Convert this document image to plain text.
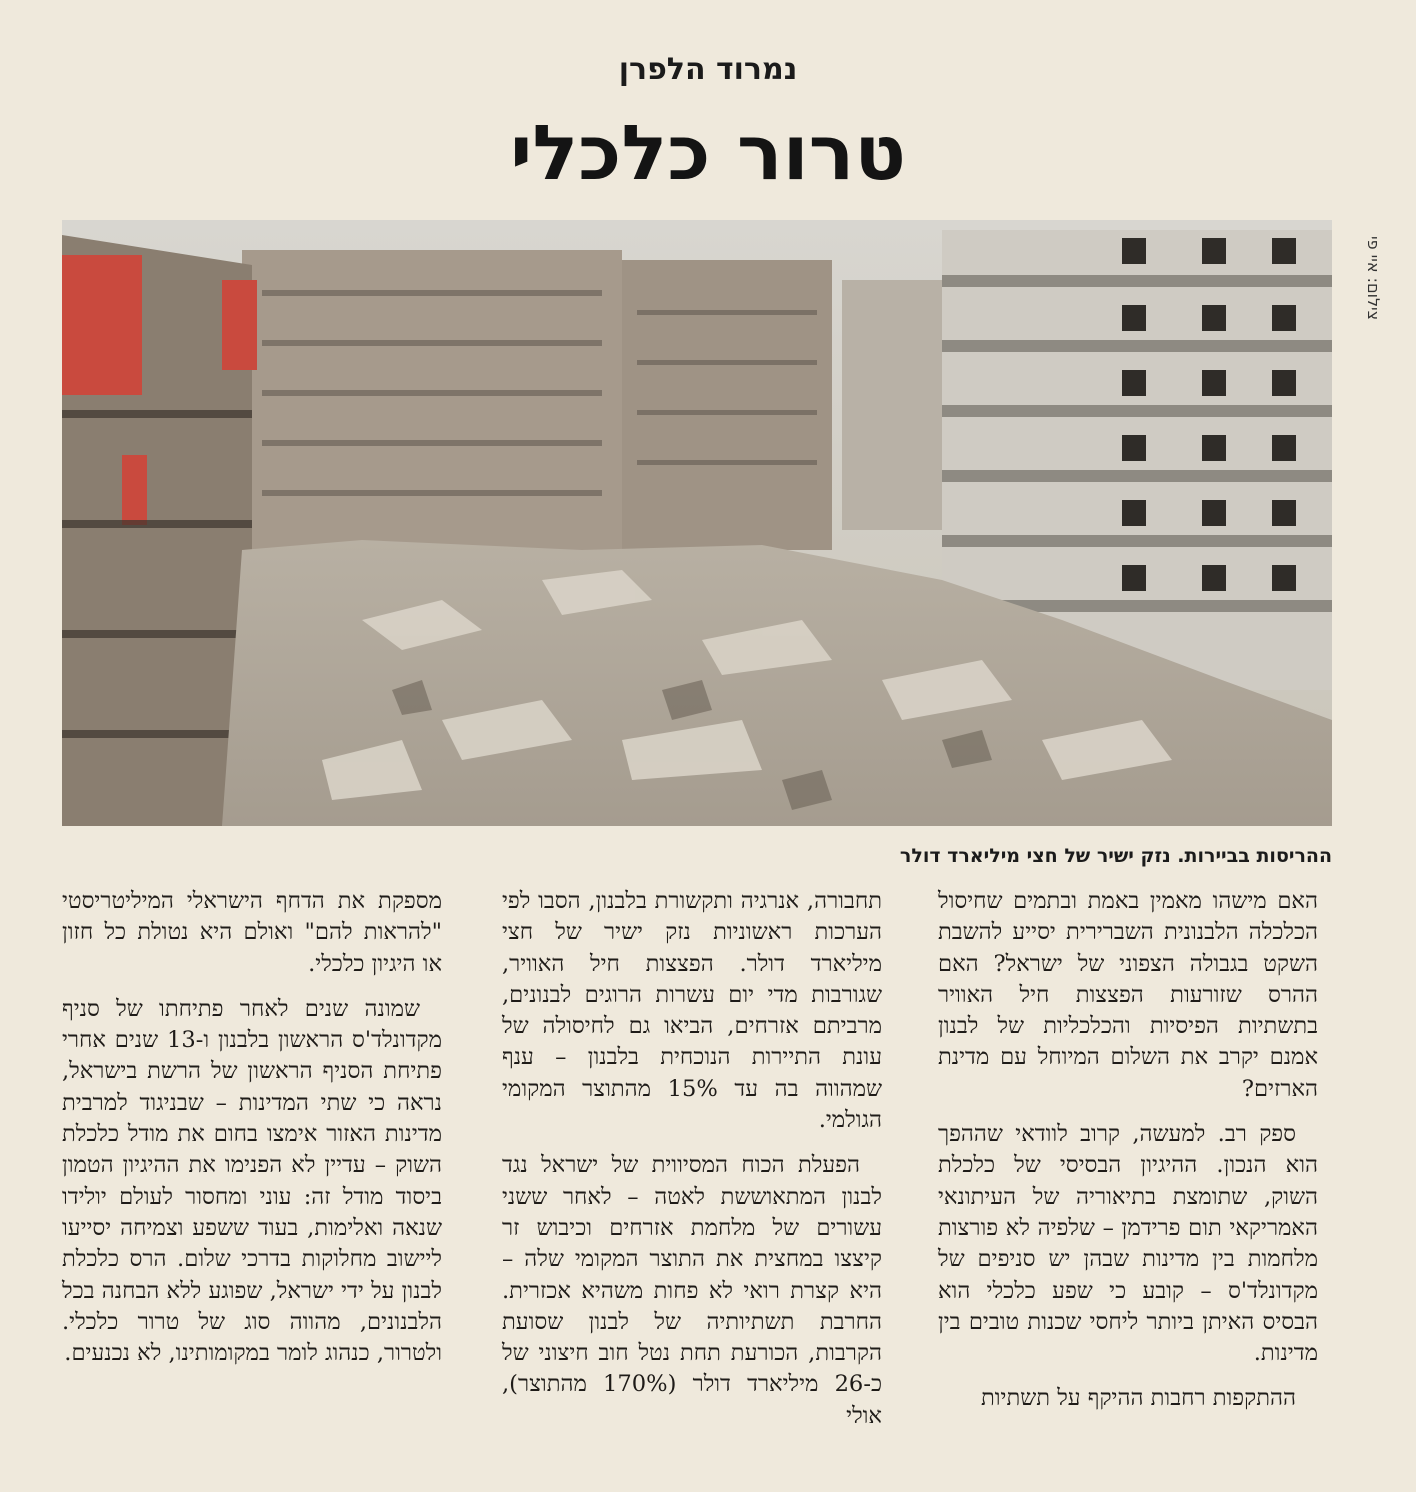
נמרוד הלפרן
טרור כלכלי
צילום: איי פי
ההריסות בביירות. נזק ישיר של חצי מיליארד דולר

האם מישהו מאמין באמת ובתמים שחיסול הכלכלה הלבנונית השברירית יסייע להשבת השקט בגבולה הצפוני של ישראל? האם ההרס שזורעות הפצצות חיל האוויר בתשתיות הפיסיות והכלכליות של לבנון אמנם יקרב את השלום המיוחל עם מדינת הארזים?

ספק רב. למעשה, קרוב לוודאי שההפך הוא הנכון. ההיגיון הבסיסי של כלכלת השוק, שתומצת בתיאוריה של העיתונאי האמריקאי תום פרידמן – שלפיה לא פורצות מלחמות בין מדינות שבהן יש סניפים של מקדונלד'ס – קובע כי שפע כלכלי הוא הבסיס האיתן ביותר ליחסי שכנות טובים בין מדינות.

ההתקפות רחבות ההיקף על תשתיות

תחבורה, אנרגיה ותקשורת בלבנון, הסבו לפי הערכות ראשוניות נזק ישיר של חצי מיליארד דולר. הפצצות חיל האוויר, שגורבות מדי יום עשרות הרוגים לבנונים, מרביתם אזרחים, הביאו גם לחיסולה של עונת התיירות הנוכחית בלבנון – ענף שמהווה בה עד 15% מהתוצר המקומי הגולמי.

הפעלת הכוח המסיווית של ישראל נגד לבנון המתאוששת לאטה – לאחר ששני עשורים של מלחמת אזרחים וכיבוש זר קיצצו במחצית את התוצר המקומי שלה – היא קצרת רואי לא פחות משהיא אכזרית. החרבת תשתיותיה של לבנון שסועת הקרבות, הכורעת תחת נטל חוב חיצוני של כ-26 מיליארד דולר (170% מהתוצר), אולי

מספקת את הדחף הישראלי המיליטריסטי "להראות להם" ואולם היא נטולת כל חזון או היגיון כלכלי.

שמונה שנים לאחר פתיחתו של סניף מקדונלד'ס הראשון בלבנון ו-13 שנים אחרי פתיחת הסניף הראשון של הרשת בישראל, נראה כי שתי המדינות – שבניגוד למרבית מדינות האזור אימצו בחום את מודל כלכלת השוק – עדיין לא הפנימו את ההיגיון הטמון ביסוד מודל זה: עוני ומחסור לעולם יולידו שנאה ואלימות, בעוד ששפע וצמיחה יסייעו ליישוב מחלוקות בדרכי שלום. הרס כלכלת לבנון על ידי ישראל, שפוגע ללא הבחנה בכל הלבנונים, מהווה סוג של טרור כלכלי. ולטרור, כנהוג לומר במקומותינו, לא נכנעים.
